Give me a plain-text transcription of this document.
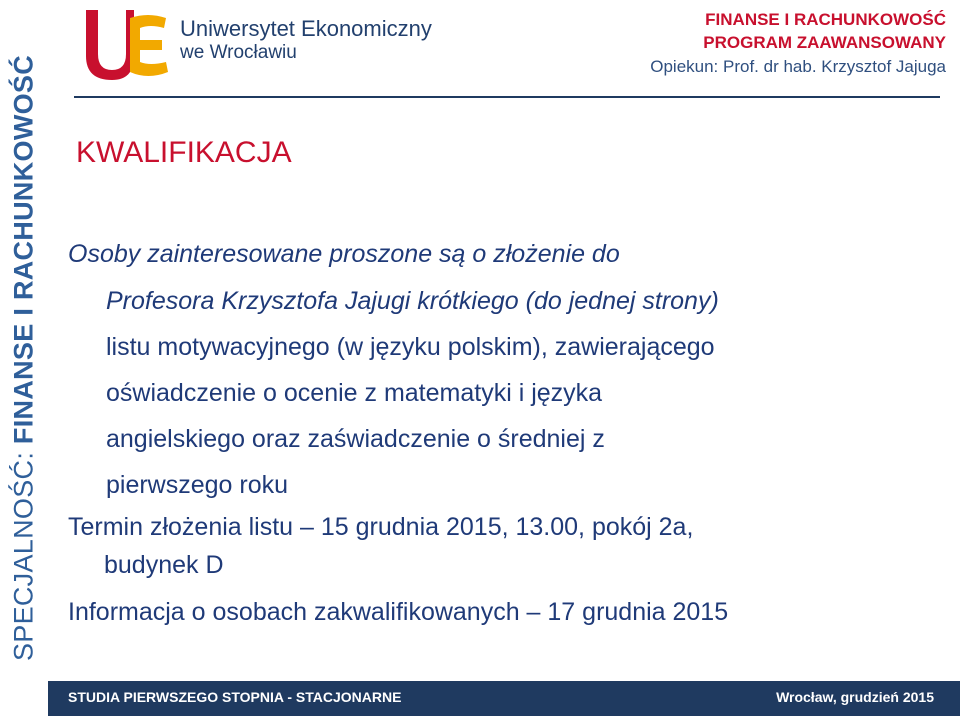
SPECJALNOŚĆ: FINANSE I RACHUNKOWOŚĆ
Uniwersytet Ekonomiczny
we Wrocławiu
FINANSE I RACHUNKOWOŚĆ
PROGRAM ZAAWANSOWANY
Opiekun: Prof. dr hab. Krzysztof Jajuga
KWALIFIKACJA

Osoby zainteresowane proszone są o złożenie do

Profesora Krzysztofa Jajugi krótkiego (do jednej strony)

listu motywacyjnego (w języku polskim), zawierającego

oświadczenie o ocenie z matematyki i języka

angielskiego oraz zaświadczenie o średniej z

pierwszego roku

Termin złożenia listu – 15 grudnia 2015, 13.00, pokój 2a,
budynek D

Informacja o osobach zakwalifikowanych – 17 grudnia 2015

STUDIA PIERWSZEGO STOPNIA - STACJONARNE	Wrocław, grudzień 2015
